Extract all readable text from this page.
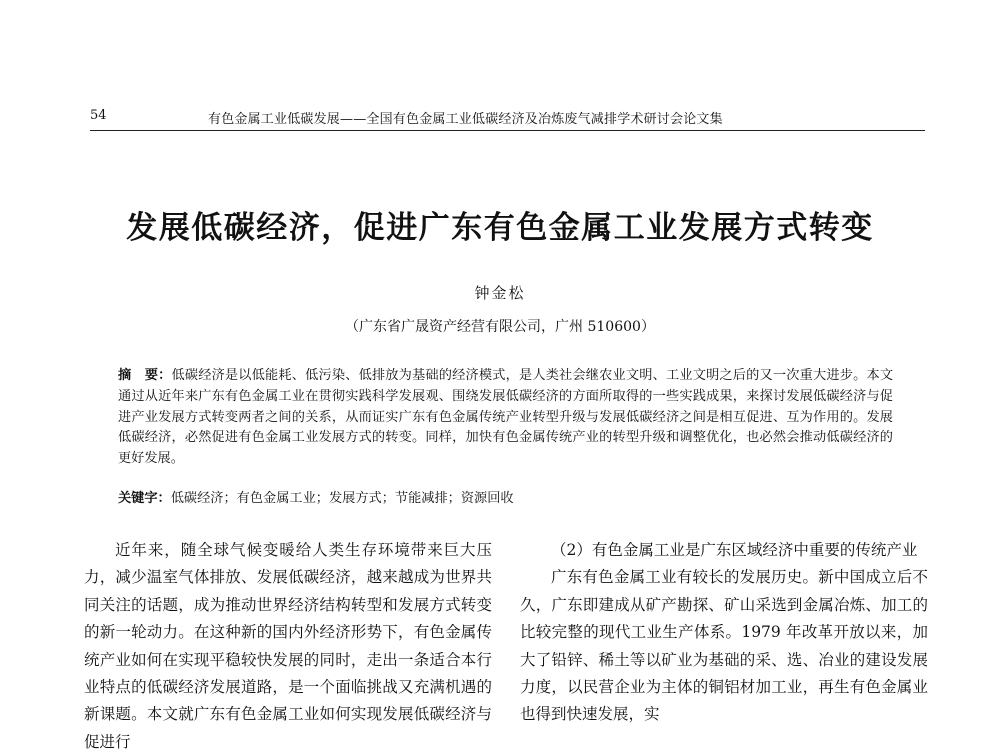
54	有色金属工业低碳发展——全国有色金属工业低碳经济及冶炼废气减排学术研讨会论文集
发展低碳经济，促进广东有色金属工业发展方式转变
钟金松
（广东省广晟资产经营有限公司，广州 510600）
摘　要：低碳经济是以低能耗、低污染、低排放为基础的经济模式，是人类社会继农业文明、工业文明之后的又一次重大进步。本文通过从近年来广东有色金属工业在贯彻实践科学发展观、围绕发展低碳经济的方面所取得的一些实践成果，来探讨发展低碳经济与促进产业发展方式转变两者之间的关系，从而证实广东有色金属传统产业转型升级与发展低碳经济之间是相互促进、互为作用的。发展低碳经济，必然促进有色金属工业发展方式的转变。同样，加快有色金属传统产业的转型升级和调整优化，也必然会推动低碳经济的更好发展。
关键字：低碳经济；有色金属工业；发展方式；节能减排；资源回收

近年来，随全球气候变暖给人类生存环境带来巨大压力，减少温室气体排放、发展低碳经济，越来越成为世界共同关注的话题，成为推动世界经济结构转型和发展方式转变的新一轮动力。在这种新的国内外经济形势下，有色金属传统产业如何在实现平稳较快发展的同时，走出一条适合本行业特点的低碳经济发展道路，是一个面临挑战又充满机遇的新课题。本文就广东有色金属工业如何实现发展低碳经济与促进行

（2）有色金属工业是广东区域经济中重要的传统产业

广东有色金属工业有较长的发展历史。新中国成立后不久，广东即建成从矿产勘探、矿山采选到金属冶炼、加工的比较完整的现代工业生产体系。1979 年改革开放以来，加大了铅锌、稀土等以矿业为基础的采、选、冶业的建设发展力度，以民营企业为主体的铜铝材加工业，再生有色金属业也得到快速发展，实
